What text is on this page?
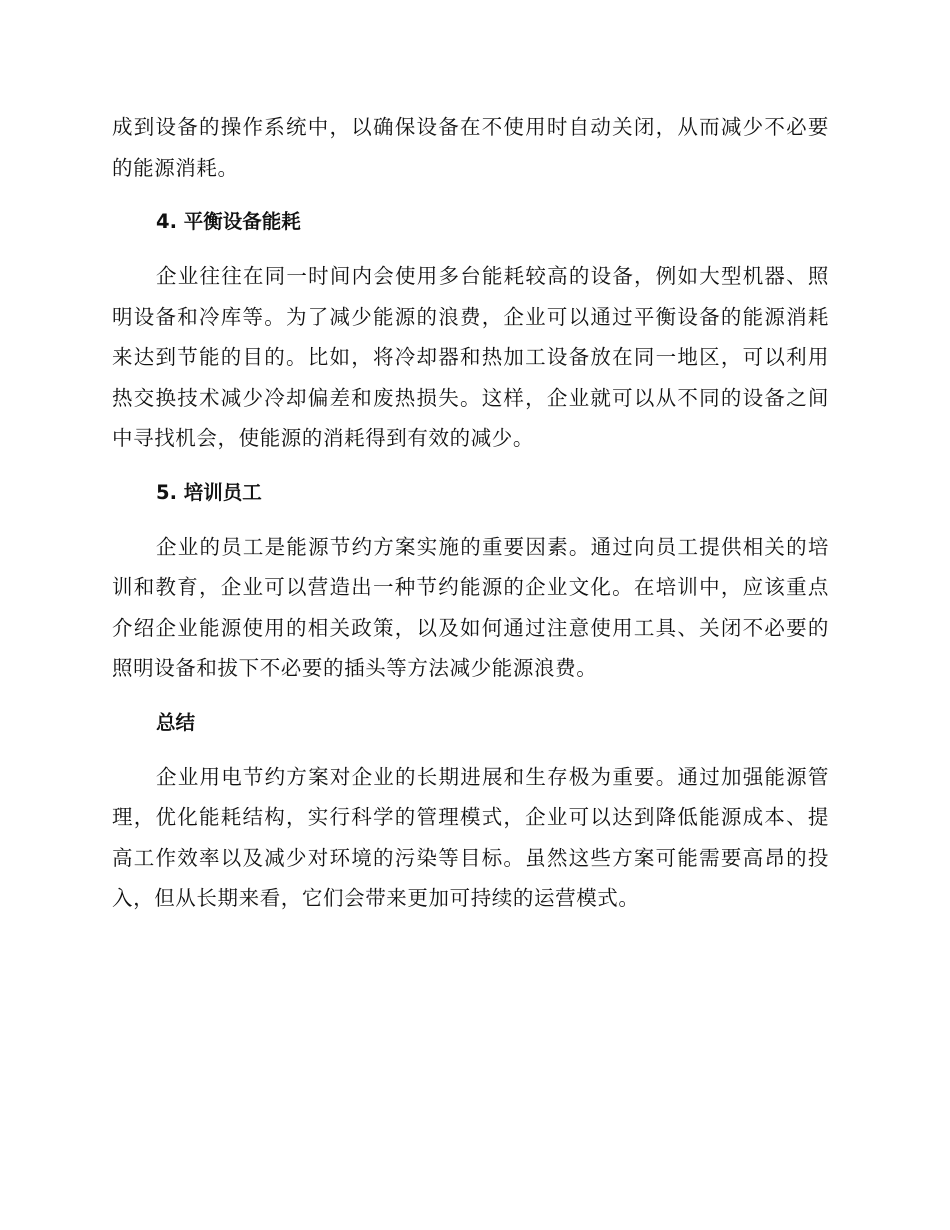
成到设备的操作系统中，以确保设备在不使用时自动关闭，从而减少不必要的能源消耗。

4. 平衡设备能耗

企业往往在同一时间内会使用多台能耗较高的设备，例如大型机器、照明设备和冷库等。为了减少能源的浪费，企业可以通过平衡设备的能源消耗来达到节能的目的。比如，将冷却器和热加工设备放在同一地区，可以利用热交换技术减少冷却偏差和废热损失。这样，企业就可以从不同的设备之间中寻找机会，使能源的消耗得到有效的减少。

5. 培训员工

企业的员工是能源节约方案实施的重要因素。通过向员工提供相关的培训和教育，企业可以营造出一种节约能源的企业文化。在培训中，应该重点介绍企业能源使用的相关政策，以及如何通过注意使用工具、关闭不必要的照明设备和拔下不必要的插头等方法减少能源浪费。

总结

企业用电节约方案对企业的长期进展和生存极为重要。通过加强能源管理，优化能耗结构，实行科学的管理模式，企业可以达到降低能源成本、提高工作效率以及减少对环境的污染等目标。虽然这些方案可能需要高昂的投入，但从长期来看，它们会带来更加可持续的运营模式。
